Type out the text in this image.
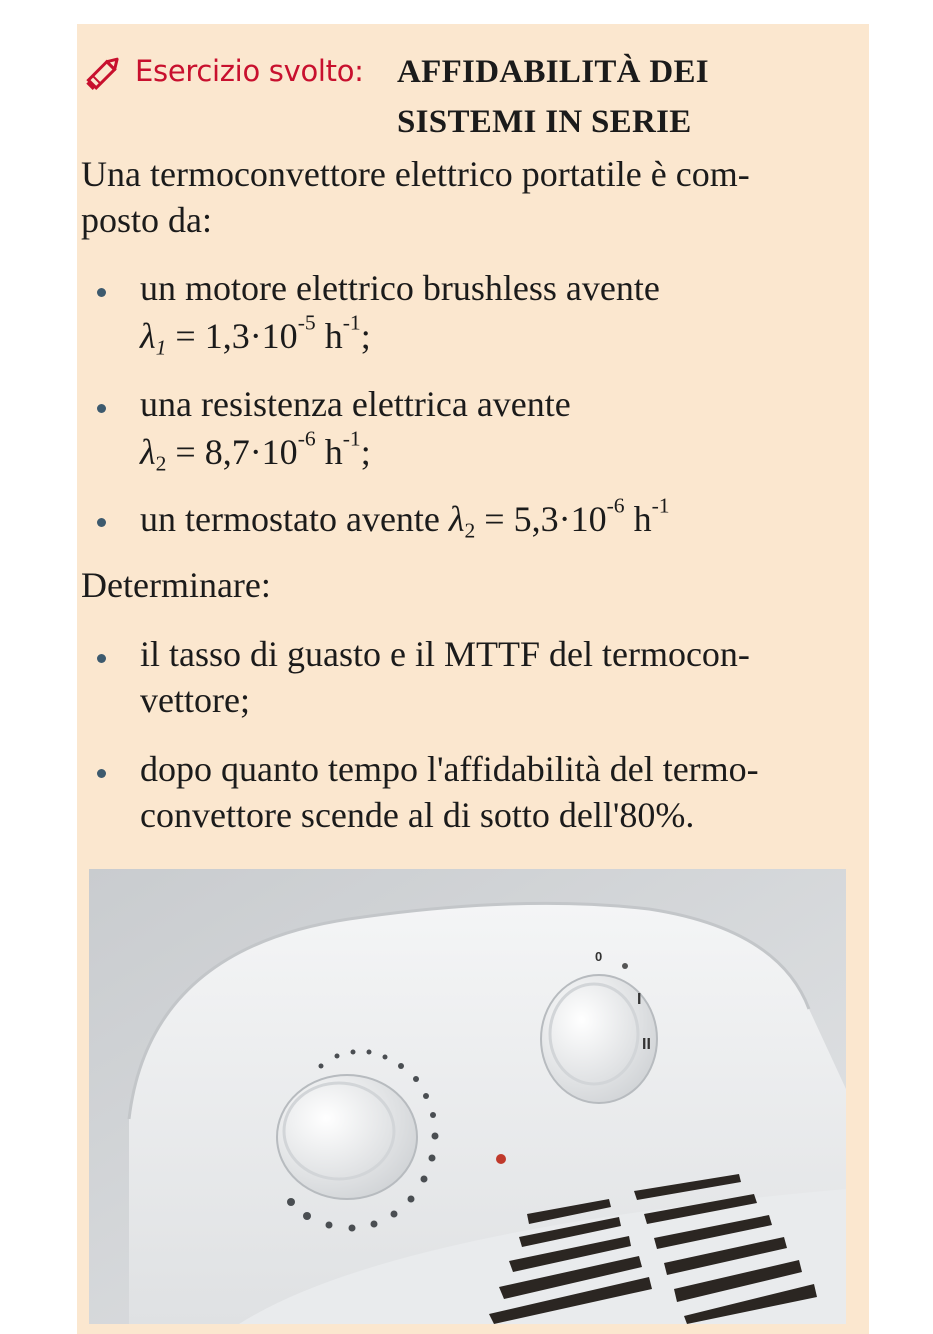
Esercizio svolto: AFFIDABILITÀ DEI
SISTEMI IN SERIE
Una termoconvettore elettrico portatile è com-
posto da:
un motore elettrico brushless avente
$\lambda_1 = 1,3\cdot 10^{-5}$ $h^{-1}$;
una resistenza elettrica avente
$\lambda_2 = 8,7\cdot 10^{-6}$ $h^{-1}$;
un termostato avente $\lambda_2 = 5,3\cdot 10^{-6}$ $h^{-1}$
Determinare:
il tasso di guasto e il MTTF del termocon-
vettore;
dopo quanto tempo l'affidabilità del termo-
convettore scende al di sotto dell'80%.
0
I
II
